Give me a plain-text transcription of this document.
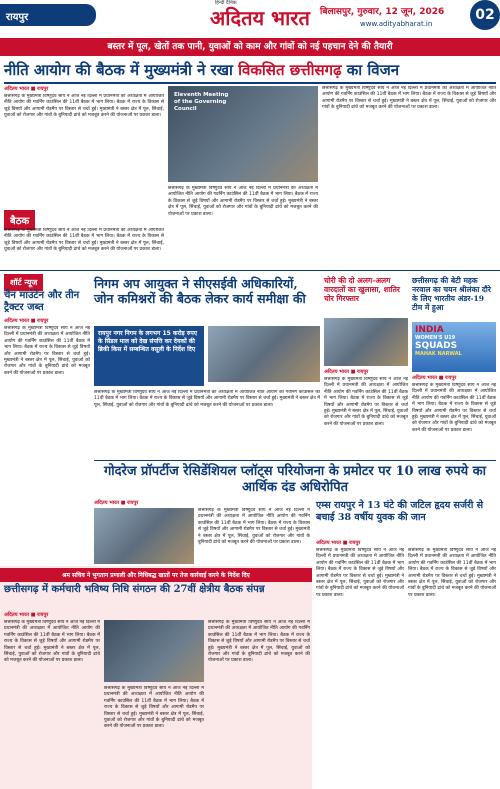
रायपुर
हिन्दी दैनिक
अदितय भारत बिलासपुर, गुरुवार, 12 जून, 2026
www.adityabharat.in
02
बस्तर में पूल, खेतों तक पानी, युवाओं को काम और गांवों को नई पहचान देने की तैयारी
नीति आयोग की बैठक में मुख्यमंत्री ने रखा विकसित छत्तीसगढ़ का विजन
अदितय भारत ■ रायपुर
छत्तीसगढ़ के मुख्यमंत्री विष्णुदेव साय ने आज नई दिल्ली में प्रधानमंत्री की अध्यक्षता में आयोजित नीति आयोग की गवर्निंग काउंसिल की 11वीं बैठक में भाग लिया। बैठक में राज्य के विकास से जुड़े विषयों और आगामी रोडमैप पर विस्तार से चर्चा हुई। मुख्यमंत्री ने बस्तर क्षेत्र में पूल, सिंचाई, युवाओं को रोजगार और गांवों के बुनियादी ढांचे को मजबूत करने की योजनाओं पर प्रकाश डाला।
बैठक
छत्तीसगढ़ के मुख्यमंत्री विष्णुदेव साय ने आज नई दिल्ली में प्रधानमंत्री की अध्यक्षता में आयोजित नीति आयोग की गवर्निंग काउंसिल की 11वीं बैठक में भाग लिया। बैठक में राज्य के विकास से जुड़े विषयों और आगामी रोडमैप पर विस्तार से चर्चा हुई। मुख्यमंत्री ने बस्तर क्षेत्र में पूल, सिंचाई, युवाओं को रोजगार और गांवों के बुनियादी ढांचे को मजबूत करने की योजनाओं पर प्रकाश डाला।
Eleventh Meeting of the Governing Council
छत्तीसगढ़ के मुख्यमंत्री विष्णुदेव साय ने आज नई दिल्ली में प्रधानमंत्री की अध्यक्षता में आयोजित नीति आयोग की गवर्निंग काउंसिल की 11वीं बैठक में भाग लिया। बैठक में राज्य के विकास से जुड़े विषयों और आगामी रोडमैप पर विस्तार से चर्चा हुई। मुख्यमंत्री ने बस्तर क्षेत्र में पूल, सिंचाई, युवाओं को रोजगार और गांवों के बुनियादी ढांचे को मजबूत करने की योजनाओं पर प्रकाश डाला।
छत्तीसगढ़ के मुख्यमंत्री विष्णुदेव साय ने आज नई दिल्ली में प्रधानमंत्री की अध्यक्षता में आयोजित नीति आयोग की गवर्निंग काउंसिल की 11वीं बैठक में भाग लिया। बैठक में राज्य के विकास से जुड़े विषयों और आगामी रोडमैप पर विस्तार से चर्चा हुई। मुख्यमंत्री ने बस्तर क्षेत्र में पूल, सिंचाई, युवाओं को रोजगार और गांवों के बुनियादी ढांचे को मजबूत करने की योजनाओं पर प्रकाश डाला।
शॉर्ट न्यूज
चैन माउंटेन और तीन ट्रैक्टर जब्त
अदितय भारत ■ रायपुर
छत्तीसगढ़ के मुख्यमंत्री विष्णुदेव साय ने आज नई दिल्ली में प्रधानमंत्री की अध्यक्षता में आयोजित नीति आयोग की गवर्निंग काउंसिल की 11वीं बैठक में भाग लिया। बैठक में राज्य के विकास से जुड़े विषयों और आगामी रोडमैप पर विस्तार से चर्चा हुई। मुख्यमंत्री ने बस्तर क्षेत्र में पूल, सिंचाई, युवाओं को रोजगार और गांवों के बुनियादी ढांचे को मजबूत करने की योजनाओं पर प्रकाश डाला।
निगम अप आयुक्त ने सीएसईवी अधिकारियों, जोन कमिश्नरों की बैठक लेकर कार्य समीक्षा की
रायपुर नगर निगम के लगभग 15 करोड़ रुपए के सिंडल माल को देख संपत्ति कर देयकों की ब्रिकी किस में सम्बन्धित वसूली के निर्देश दिए
छत्तीसगढ़ के मुख्यमंत्री विष्णुदेव साय ने आज नई दिल्ली में प्रधानमंत्री की अध्यक्षता में आयोजित नीति आयोग की गवर्निंग काउंसिल की 11वीं बैठक में भाग लिया। बैठक में राज्य के विकास से जुड़े विषयों और आगामी रोडमैप पर विस्तार से चर्चा हुई। मुख्यमंत्री ने बस्तर क्षेत्र में पूल, सिंचाई, युवाओं को रोजगार और गांवों के बुनियादी ढांचे को मजबूत करने की योजनाओं पर प्रकाश डाला।
चोरी की दो अलग-अलग वारदातों का खुलासा, शातिर चोर गिरफ्तार
अदितय भारत ■ रायपुर
छत्तीसगढ़ के मुख्यमंत्री विष्णुदेव साय ने आज नई दिल्ली में प्रधानमंत्री की अध्यक्षता में आयोजित नीति आयोग की गवर्निंग काउंसिल की 11वीं बैठक में भाग लिया। बैठक में राज्य के विकास से जुड़े विषयों और आगामी रोडमैप पर विस्तार से चर्चा हुई। मुख्यमंत्री ने बस्तर क्षेत्र में पूल, सिंचाई, युवाओं को रोजगार और गांवों के बुनियादी ढांचे को मजबूत करने की योजनाओं पर प्रकाश डाला।
छत्तीसगढ़ की बेटी महक नरवाल का चयन श्रीलंका दौरे के लिए भारतीय अंडर-19 टीम में हुआ
INDIA
WOMEN'S U19
SQUADS
MAHAK NARWAL
अदितय भारत ■ रायपुर
छत्तीसगढ़ के मुख्यमंत्री विष्णुदेव साय ने आज नई दिल्ली में प्रधानमंत्री की अध्यक्षता में आयोजित नीति आयोग की गवर्निंग काउंसिल की 11वीं बैठक में भाग लिया। बैठक में राज्य के विकास से जुड़े विषयों और आगामी रोडमैप पर विस्तार से चर्चा हुई। मुख्यमंत्री ने बस्तर क्षेत्र में पूल, सिंचाई, युवाओं को रोजगार और गांवों के बुनियादी ढांचे को मजबूत करने की योजनाओं पर प्रकाश डाला।
गोदरेज प्रॉपर्टीज रेसिडेंशियल प्लॉट्स परियोजना के प्रमोटर पर 10 लाख रुपये का आर्थिक दंड अधिरोपित
अदितय भारत ■ रायपुर
छत्तीसगढ़ के मुख्यमंत्री विष्णुदेव साय ने आज नई दिल्ली में प्रधानमंत्री की अध्यक्षता में आयोजित नीति आयोग की गवर्निंग काउंसिल की 11वीं बैठक में भाग लिया। बैठक में राज्य के विकास से जुड़े विषयों और आगामी रोडमैप पर विस्तार से चर्चा हुई। मुख्यमंत्री ने बस्तर क्षेत्र में पूल, सिंचाई, युवाओं को रोजगार और गांवों के बुनियादी ढांचे को मजबूत करने की योजनाओं पर प्रकाश डाला।
एम्स रायपुर ने 13 घंटे की जटिल हृदय सर्जरी से बचाई 38 वर्षीय युवक की जान
अदितय भारत ■ रायपुर
छत्तीसगढ़ के मुख्यमंत्री विष्णुदेव साय ने आज नई दिल्ली में प्रधानमंत्री की अध्यक्षता में आयोजित नीति आयोग की गवर्निंग काउंसिल की 11वीं बैठक में भाग लिया। बैठक में राज्य के विकास से जुड़े विषयों और आगामी रोडमैप पर विस्तार से चर्चा हुई। मुख्यमंत्री ने बस्तर क्षेत्र में पूल, सिंचाई, युवाओं को रोजगार और गांवों के बुनियादी ढांचे को मजबूत करने की योजनाओं पर प्रकाश डाला।
छत्तीसगढ़ के मुख्यमंत्री विष्णुदेव साय ने आज नई दिल्ली में प्रधानमंत्री की अध्यक्षता में आयोजित नीति आयोग की गवर्निंग काउंसिल की 11वीं बैठक में भाग लिया। बैठक में राज्य के विकास से जुड़े विषयों और आगामी रोडमैप पर विस्तार से चर्चा हुई। मुख्यमंत्री ने बस्तर क्षेत्र में पूल, सिंचाई, युवाओं को रोजगार और गांवों के बुनियादी ढांचे को मजबूत करने की योजनाओं पर प्रकाश डाला।
श्रम सचिव ने भुगतान प्रणाली और निधिबद्ध खातों पर तेज कार्रवाई करने के निर्देश दिए
छत्तीसगढ़ में कर्मचारी भविष्य निधि संगठन की 27वीं क्षेत्रीय बैठक संपन्न
अदितय भारत ■ रायपुर
छत्तीसगढ़ के मुख्यमंत्री विष्णुदेव साय ने आज नई दिल्ली में प्रधानमंत्री की अध्यक्षता में आयोजित नीति आयोग की गवर्निंग काउंसिल की 11वीं बैठक में भाग लिया। बैठक में राज्य के विकास से जुड़े विषयों और आगामी रोडमैप पर विस्तार से चर्चा हुई। मुख्यमंत्री ने बस्तर क्षेत्र में पूल, सिंचाई, युवाओं को रोजगार और गांवों के बुनियादी ढांचे को मजबूत करने की योजनाओं पर प्रकाश डाला।
छत्तीसगढ़ के मुख्यमंत्री विष्णुदेव साय ने आज नई दिल्ली में प्रधानमंत्री की अध्यक्षता में आयोजित नीति आयोग की गवर्निंग काउंसिल की 11वीं बैठक में भाग लिया। बैठक में राज्य के विकास से जुड़े विषयों और आगामी रोडमैप पर विस्तार से चर्चा हुई। मुख्यमंत्री ने बस्तर क्षेत्र में पूल, सिंचाई, युवाओं को रोजगार और गांवों के बुनियादी ढांचे को मजबूत करने की योजनाओं पर प्रकाश डाला।
छत्तीसगढ़ के मुख्यमंत्री विष्णुदेव साय ने आज नई दिल्ली में प्रधानमंत्री की अध्यक्षता में आयोजित नीति आयोग की गवर्निंग काउंसिल की 11वीं बैठक में भाग लिया। बैठक में राज्य के विकास से जुड़े विषयों और आगामी रोडमैप पर विस्तार से चर्चा हुई। मुख्यमंत्री ने बस्तर क्षेत्र में पूल, सिंचाई, युवाओं को रोजगार और गांवों के बुनियादी ढांचे को मजबूत करने की योजनाओं पर प्रकाश डाला।
